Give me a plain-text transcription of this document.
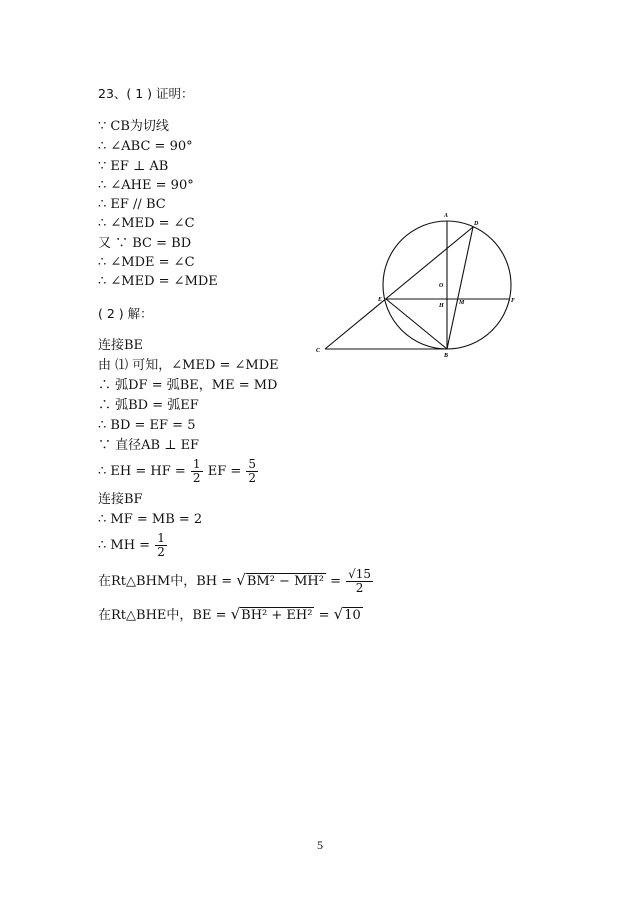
23、( 1 ) 证明：
∵ CB为切线
∴ ∠ABC = 90°
∵ EF ⊥ AB
∴ ∠AHE = 90°
∴ EF // BC
∴ ∠MED = ∠C
又 ∵ BC = BD
∴ ∠MDE = ∠C
∴ ∠MED = ∠MDE
( 2 ) 解：
连接BE
由 ⑴ 可知，∠MED = ∠MDE
∴ 弧DF = 弧BE，ME = MD
∴ 弧BD = 弧EF
∴ BD = EF = 5
∵ 直径AB ⊥ EF
∴ EH = HF = $\frac{1}{2}$ EF = $\frac{5}{2}$
连接BF
∴ MF = MB = 2
∴ MH = $\frac{1}{2}$
在Rt△BHM中，BH = $√BM^2 - MH^2 = \frac{√15}{2}$
在Rt△BHE中，BE = √BH² + EH² = √10
A
D
O
E
H	M	F
C
B
5
